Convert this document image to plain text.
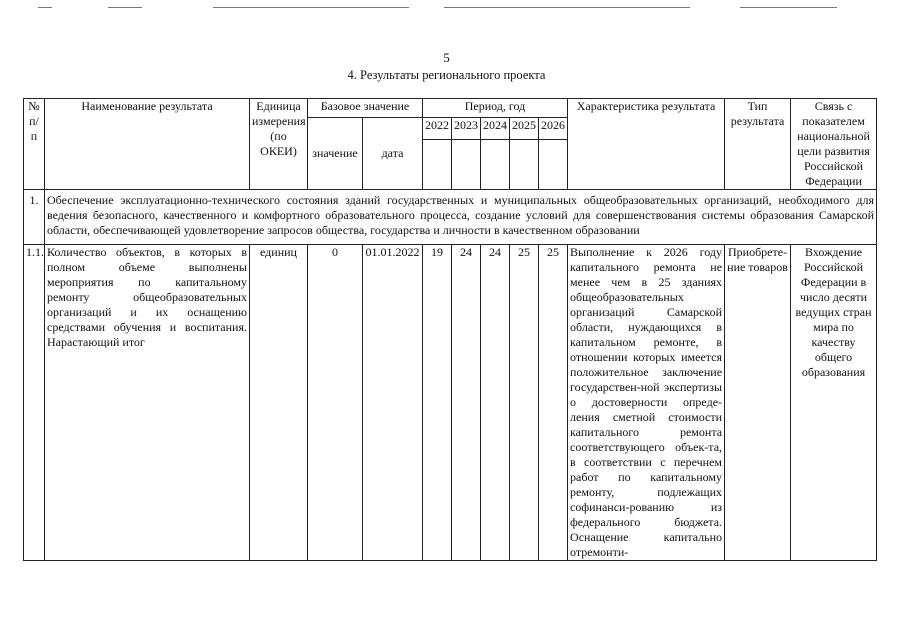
5
4. Результаты регионального проекта
№ п/п	Наименование результата	Единица измерения (по ОКЕИ)	Базовое значение		Период, год					Характеристика результата	Тип результата	Связь с показателем национальной цели развития Российской Федерации
			значение	дата	2022	2023	2024	2025	2026			

1.	Обеспечение эксплуатационно-технического состояния зданий государственных и муниципальных общеобразовательных организаций, необходимого для ведения безопасного, качественного и комфортного образовательного процесса, создание условий для совершенствования системы образования Самарской области, обеспечивающей удовлетворение запросов общества, государства и личности в качественном образовании											
1.1.	Количество объектов, в которых в полном объеме выполнены мероприятия по капитальному ремонту общеобразовательных организаций и их оснащению средствами обучения и воспитания. Нарастающий итог	единиц	0	01.01.2022	19	24	24	25	25	Выполнение к 2026 году капитального ремонта не менее чем в 25 зданиях общеобразовательных организаций Самарской области, нуждающихся в капитальном ремонте, в отношении которых имеется положительное заключение государствен-ной экспертизы о достоверности опреде-ления сметной стоимости капитального ремонта соответствующего объек-та, в соответствии с перечнем работ по капитальному ремонту, подлежащих софинанси-рованию из федерального бюджета. Оснащение капитально отремонти-	Приобрете-ние товаров	Вхождение Российской Федерации в число десяти ведущих стран мира по качеству общего образования
